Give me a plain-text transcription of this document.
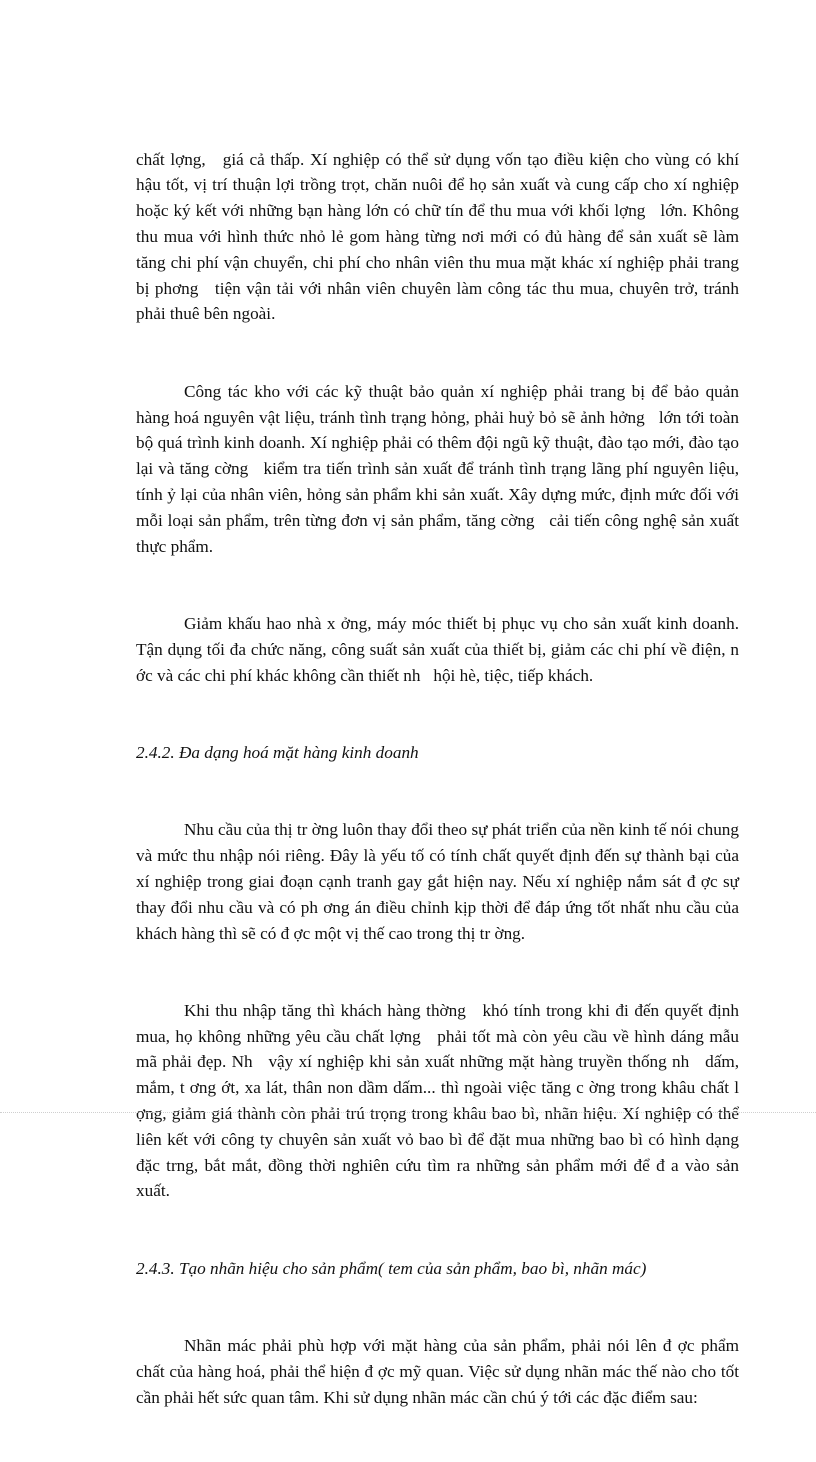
chất lợng,   giá cả thấp. Xí nghiệp có thể sử dụng vốn tạo điều kiện cho vùng có khí hậu tốt, vị trí thuận lợi trồng trọt, chăn nuôi để họ sản xuất và cung cấp cho xí nghiệp hoặc ký kết với những bạn hàng lớn có chữ tín để thu mua với khối lợng   lớn. Không thu mua với hình thức nhỏ lẻ gom hàng từng nơi mới có đủ hàng để sản xuất sẽ làm tăng chi phí vận chuyển, chi phí cho nhân viên thu mua mặt khác xí nghiệp phải trang bị phơng   tiện vận tải với nhân viên chuyên làm công tác thu mua, chuyên trở, tránh phải thuê bên ngoài.

Công tác kho với các kỹ thuật bảo quản xí nghiệp phải trang bị để bảo quản hàng hoá nguyên vật liệu, tránh tình trạng hỏng, phải huỷ bỏ sẽ ảnh hởng   lớn tới toàn bộ quá trình kinh doanh. Xí nghiệp phải có thêm đội ngũ kỹ thuật, đào tạo mới, đào tạo lại và tăng cờng   kiểm tra tiến trình sản xuất để tránh tình trạng lãng phí nguyên liệu,  tính ỷ lại của nhân viên, hỏng sản phẩm khi sản xuất. Xây dựng mức, định mức đối với mỗi loại sản phẩm, trên từng đơn vị sản phẩm, tăng cờng   cải tiến công nghệ sản xuất thực phẩm.

Giảm khấu hao nhà x ởng, máy móc thiết bị phục vụ cho sản xuất kinh doanh. Tận dụng tối đa chức năng, công suất sản xuất của thiết bị, giảm các chi phí về điện, n ớc và các chi phí khác không cần thiết nh   hội hè, tiệc, tiếp khách.

2.4.2. Đa dạng hoá mặt hàng kinh doanh

Nhu cầu của thị tr ờng luôn thay đổi theo sự phát triển của nền kinh tế nói chung và mức thu nhập nói riêng. Đây là yếu tố có tính chất quyết định đến sự thành bại của xí nghiệp trong giai đoạn cạnh tranh gay gắt hiện nay. Nếu xí nghiệp nắm sát đ ợc sự thay đổi nhu cầu và có ph ơng án điều chỉnh kịp thời để đáp ứng tốt nhất nhu cầu của khách hàng thì sẽ có đ ợc một vị thế cao trong thị tr ờng.

Khi thu nhập tăng thì khách hàng thờng   khó tính trong khi đi đến quyết định mua, họ không những yêu cầu chất lợng   phải tốt mà còn yêu cầu về hình dáng mẫu mã phải đẹp. Nh   vậy xí nghiệp khi sản xuất những mặt hàng truyền thống nh   dấm, mắm, t ơng ớt, xa lát, thân non dầm dấm... thì ngoài việc tăng c ờng trong khâu chất l ợng, giảm giá thành còn phải trú trọng trong khâu bao bì, nhãn hiệu. Xí nghiệp có thể liên kết với công ty chuyên sản xuất vỏ bao bì để đặt mua những bao bì có hình dạng đặc trng, bắt mắt, đồng thời nghiên cứu tìm ra những sản phẩm mới để đ a vào sản xuất.

2.4.3. Tạo nhãn hiệu cho sản phẩm( tem của sản phẩm, bao bì, nhãn mác)

Nhãn mác phải phù hợp với mặt hàng của sản phẩm, phải nói lên đ ợc phẩm chất của hàng hoá, phải thể hiện đ ợc mỹ quan. Việc sử dụng nhãn mác thế nào cho tốt cần phải hết sức quan tâm. Khi sử dụng nhãn mác cần chú ý tới các đặc điểm sau:
